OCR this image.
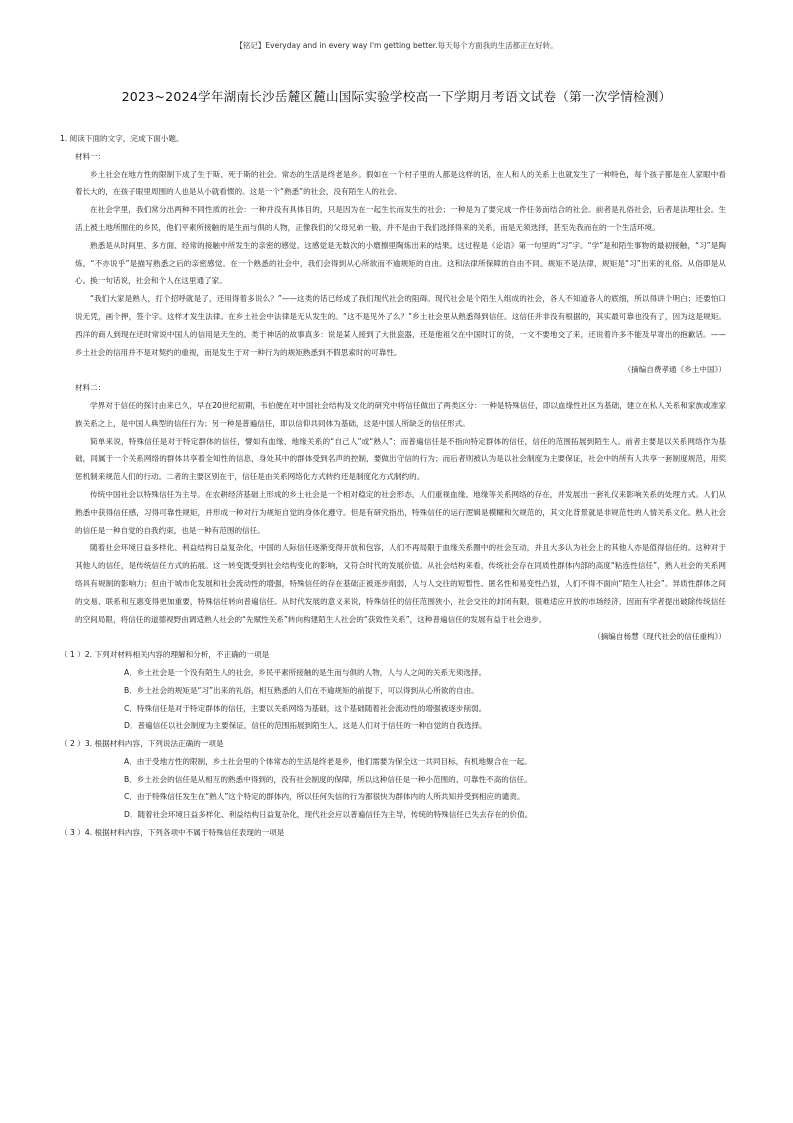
【铭记】Everyday and in every way I'm getting better.每天每个方面我的生活都正在好转。
2023~2024学年湖南长沙岳麓区麓山国际实验学校高一下学期月考语文试卷（第一次学情检测）

1. 阅读下面的文字，完成下面小题。

材料一：

乡土社会在地方性的限制下成了生于斯、死于斯的社会。常态的生活是终老是乡。假如在一个村子里的人都是这样的话，在人和人的关系上也就发生了一种特色，每个孩子都是在人家眼中看着长大的，在孩子眼里周围的人也是从小就看惯的。这是一个“熟悉”的社会，没有陌生人的社会。

在社会学里，我们常分出两种不同性质的社会：一种并没有具体目的，只是因为在一起生长而发生的社会；一种是为了要完成一件任务而结合的社会。前者是礼俗社会，后者是法理社会。生活上被土地所囿住的乡民，他们平素所接触的是生而与俱的人物，正像我们的父母兄弟一般，并不是由于我们选择得来的关系，而是无须选择，甚至先我而在的一个生活环境。

熟悉是从时间里、多方面、经常的接触中所发生的亲密的感觉。这感觉是无数次的小磨擦里陶炼出来的结果。这过程是《论语》第一句里的“习”字。“学”是和陌生事物的最初接触，“习”是陶炼，“不亦说乎”是描写熟悉之后的亲密感觉。在一个熟悉的社会中，我们会得到从心所欲而不逾规矩的自由。这和法律所保障的自由不同。规矩不是法律，规矩是“习”出来的礼俗。从俗即是从心。换一句话说，社会和个人在这里通了家。

“我们大家是熟人，打个招呼就是了，还用得着多说么？”——这类的话已经成了我们现代社会的阻碍。现代社会是个陌生人组成的社会，各人不知道各人的底细，所以得讲个明白；还要怕口说无凭，画个押，签个字。这样才发生法律。在乡土社会中法律是无从发生的。“这不是见外了么？”乡土社会里从熟悉得到信任。这信任并非没有根据的，其实最可靠也没有了，因为这是规矩。西洋的商人到现在还时常说中国人的信用是天生的。类于神话的故事真多：说是某人接到了大批瓷器，还是他祖父在中国时订的货，一文不要地交了来，还说着许多不能及早寄出的抱歉话。——乡土社会的信用并不是对契约的重视，而是发生于对一种行为的规矩熟悉到不假思索时的可靠性。

（摘编自费孝通《乡土中国》）

材料二：

学界对于信任的探讨由来已久，早在20世纪初期，韦伯便在对中国社会结构及文化的研究中将信任做出了两类区分：一种是特殊信任，即以血缘性社区为基础，建立在私人关系和家族或准家族关系之上，是中国人典型的信任行为；另一种是普遍信任，即以信仰共同体为基础，这是中国人所缺乏的信任形式。

简单来说，特殊信任是对于特定群体的信任，譬如有血缘、地缘关系的“自己人”或“熟人”；而普遍信任是不指向特定群体的信任，信任的范围拓展到陌生人。前者主要是以关系网络作为基础，同属于一个关系网络的群体共享着全知性的信息，身处其中的群体受到名声的控制，要做出守信的行为；而后者则被认为是以社会制度为主要保证，社会中的所有人共享一套制度规范，用奖惩机制来规范人们的行动。二者的主要区别在于，信任是由关系网络化方式转约还是制度化方式制约的。

传统中国社会以特殊信任为主导。在农耕经济基础上形成的乡土社会是一个相对稳定的社会形态，人们重视血缘、地缘等关系网络的存在，并发展出一套礼仪来影响关系的处理方式。人们从熟悉中获得信任感，习得可靠性规矩，并形成一种对行为规矩自觉的身体化遵守。但是有研究指出，特殊信任的运行逻辑是模糊和欠规范的，其文化背景就是非规范性的人情关系文化。熟人社会的信任是一种自觉的自我约束，也是一种有范围的信任。

随着社会环境日益多样化、利益结构日益复杂化，中国的人际信任逐渐变得开放和包容，人们不再局限于血缘关系圈中的社会互动，并且大多认为社会上的其他人亦是值得信任的。这种对于其他人的信任，是传统信任方式的拓展。这一转变既受到社会结构变化的影响，又符合时代的发展价值。从社会结构来看，传统社会存在同质性群体内部的高度“粘连性信任”，熟人社会的关系网络具有规制的影响力；但由于城市化发展和社会流动性的增强，特殊信任的存在基础正被逐步削弱，人与人交往的短暂性、匿名性和易变性凸显，人们不得不面向“陌生人社会”。异质性群体之间的交易、联系和互惠变得更加重要，特殊信任转向普遍信任。从时代发展的意义来说，特殊信任的信任范围狭小，社会交往的封闭有限，很难适应开放的市场经济，因而有学者提出破除传统信任的空间局限，将信任的道德视野由调适熟人社会的“先赋性关系”转向构建陌生人社会的“获致性关系”，这种普遍信任的发展有益于社会进步。

（摘编自杨慧《现代社会的信任重构》）

（ 1 ）2. 下列对材料相关内容的理解和分析，不正确的一项是

A．乡土社会是一个没有陌生人的社会，乡民平素所接触的是生而与俱的人物，人与人之间的关系无须选择。

B．乡土社会的规矩是“习”出来的礼俗，相互熟悉的人们在不逾规矩的前提下，可以得到从心所欲的自由。

C．特殊信任是对于特定群体的信任，主要以关系网络为基础，这个基础随着社会流动性的增强被逐步削弱。

D．普遍信任以社会制度为主要保证，信任的范围拓展到陌生人，这是人们对于信任的一种自觉的自我选择。

（ 2 ）3. 根据材料内容，下列说法正确的一项是

A．由于受地方性的限制，乡土社会里的个体常态的生活是终老是乡，他们需要为保全这一共同目标，有机地聚合在一起。

B．乡土社会的信任是从相互的熟悉中得到的，没有社会制度的保障，所以这种信任是一种小范围的、可靠性不高的信任。

C．由于特殊信任发生在“熟人”这个特定的群体内，所以任何失信的行为都很快为群体内的人所共知并受到相应的谴责。

D．随着社会环境日益多样化、利益结构日益复杂化，现代社会应以普遍信任为主导，传统的特殊信任已失去存在的价值。

（ 3 ）4. 根据材料内容，下列各项中不属于特殊信任表现的一项是
